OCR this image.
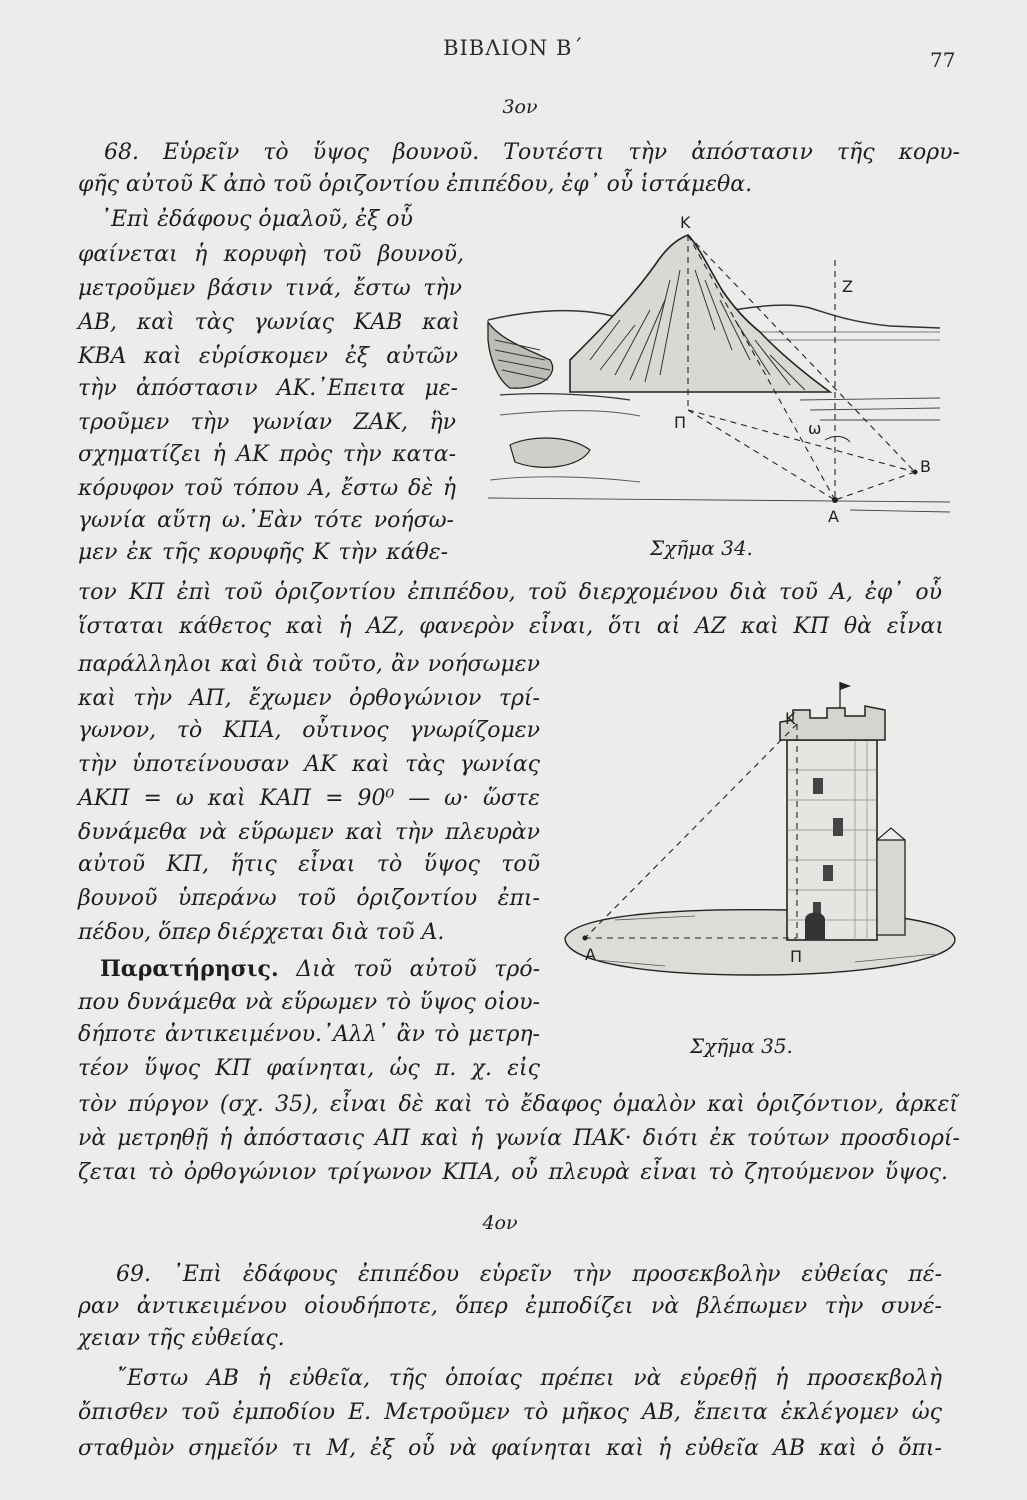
ΒΙΒΛΙΟΝ Β΄	77
3ον
68. Εὑρεῖν τὸ ὕψος βουνοῦ. Τουτέστι τὴν ἀπόστασιν τῆς κορυ-
φῆς αὐτοῦ Κ ἀπὸ τοῦ ὁριζοντίου ἐπιπέδου, ἐφ᾽ οὗ ἱστάμεθα.
᾽Επὶ ἐδάφους ὁμαλοῦ, ἐξ οὗ
φαίνεται ἡ κορυφὴ τοῦ βουνοῦ,
μετροῦμεν βάσιν τινά, ἔστω τὴν
ΑΒ, καὶ τὰς γωνίας ΚΑΒ καὶ
ΚΒΑ καὶ εὑρίσκομεν ἐξ αὐτῶν
τὴν ἀπόστασιν ΑΚ.᾽Επειτα με-
τροῦμεν τὴν γωνίαν ΖΑΚ, ἣν
σχηματίζει ἡ ΑΚ πρὸς τὴν κατα-
κόρυφον τοῦ τόπου Α, ἔστω δὲ ἡ
γωνία αὕτη ω.᾽Εὰν τότε νοήσω-
μεν ἐκ τῆς κορυφῆς Κ τὴν κάθε-
τον ΚΠ ἐπὶ τοῦ ὁριζοντίου ἐπιπέδου, τοῦ διερχομένου διὰ τοῦ Α, ἐφ᾽ οὗ
ἵσταται κάθετος καὶ ἡ ΑΖ, φανερὸν εἶναι, ὅτι αἱ ΑΖ καὶ ΚΠ θὰ εἶναι
παράλληλοι καὶ διὰ τοῦτο, ἂν νοήσωμεν
καὶ τὴν ΑΠ, ἔχωμεν ὀρθογώνιον τρί-
γωνον, τὸ ΚΠΑ, οὗτινος γνωρίζομεν
τὴν ὑποτείνουσαν ΑΚ καὶ τὰς γωνίας
ΑΚΠ = ω καὶ ΚΑΠ = 90⁰ — ω· ὥστε
δυνάμεθα νὰ εὕρωμεν καὶ τὴν πλευρὰν
αὐτοῦ ΚΠ, ἥτις εἶναι τὸ ὕψος τοῦ
βουνοῦ ὑπεράνω τοῦ ὁριζοντίου ἐπι-
πέδου, ὅπερ διέρχεται διὰ τοῦ Α.
Παρατήρησις. Διὰ τοῦ αὐτοῦ τρό-
που δυνάμεθα νὰ εὕρωμεν τὸ ὕψος οἱου-
δήποτε ἀντικειμένου.᾽Αλλ᾽ ἂν τὸ μετρη-
τέον ὕψος ΚΠ φαίνηται, ὡς π. χ. εἰς
τὸν πύργον (σχ. 35), εἶναι δὲ καὶ τὸ ἔδαφος ὁμαλὸν καὶ ὁριζόντιον, ἀρκεῖ
νὰ μετρηθῇ ἡ ἀπόστασις ΑΠ καὶ ἡ γωνία ΠΑΚ· διότι ἐκ τούτων προσδιορί-
ζεται τὸ ὀρθογώνιον τρίγωνον ΚΠΑ, οὗ πλευρὰ εἶναι τὸ ζητούμενον ὕψος.
4ον
69. ᾽Επὶ ἐδάφους ἐπιπέδου εὑρεῖν τὴν προσεκβολὴν εὐθείας πέ-
ραν ἀντικειμένου οἱουδήποτε, ὅπερ ἐμποδίζει νὰ βλέπωμεν τὴν συνέ-
χειαν τῆς εὐθείας.
῎Εστω ΑΒ ἡ εὐθεῖα, τῆς ὁποίας πρέπει νὰ εὑρεθῇ ἡ προσεκβολὴ
ὄπισθεν τοῦ ἐμποδίου Ε. Μετροῦμεν τὸ μῆκος ΑΒ, ἔπειτα ἐκλέγομεν ὡς
σταθμὸν σημεῖόν τι Μ, ἐξ οὗ νὰ φαίνηται καὶ ἡ εὐθεῖα ΑΒ καὶ ὁ ὄπι-
K
Z
Π	ω
B
A
Σχῆμα 34.
K
A	Π
Σχῆμα 35.
